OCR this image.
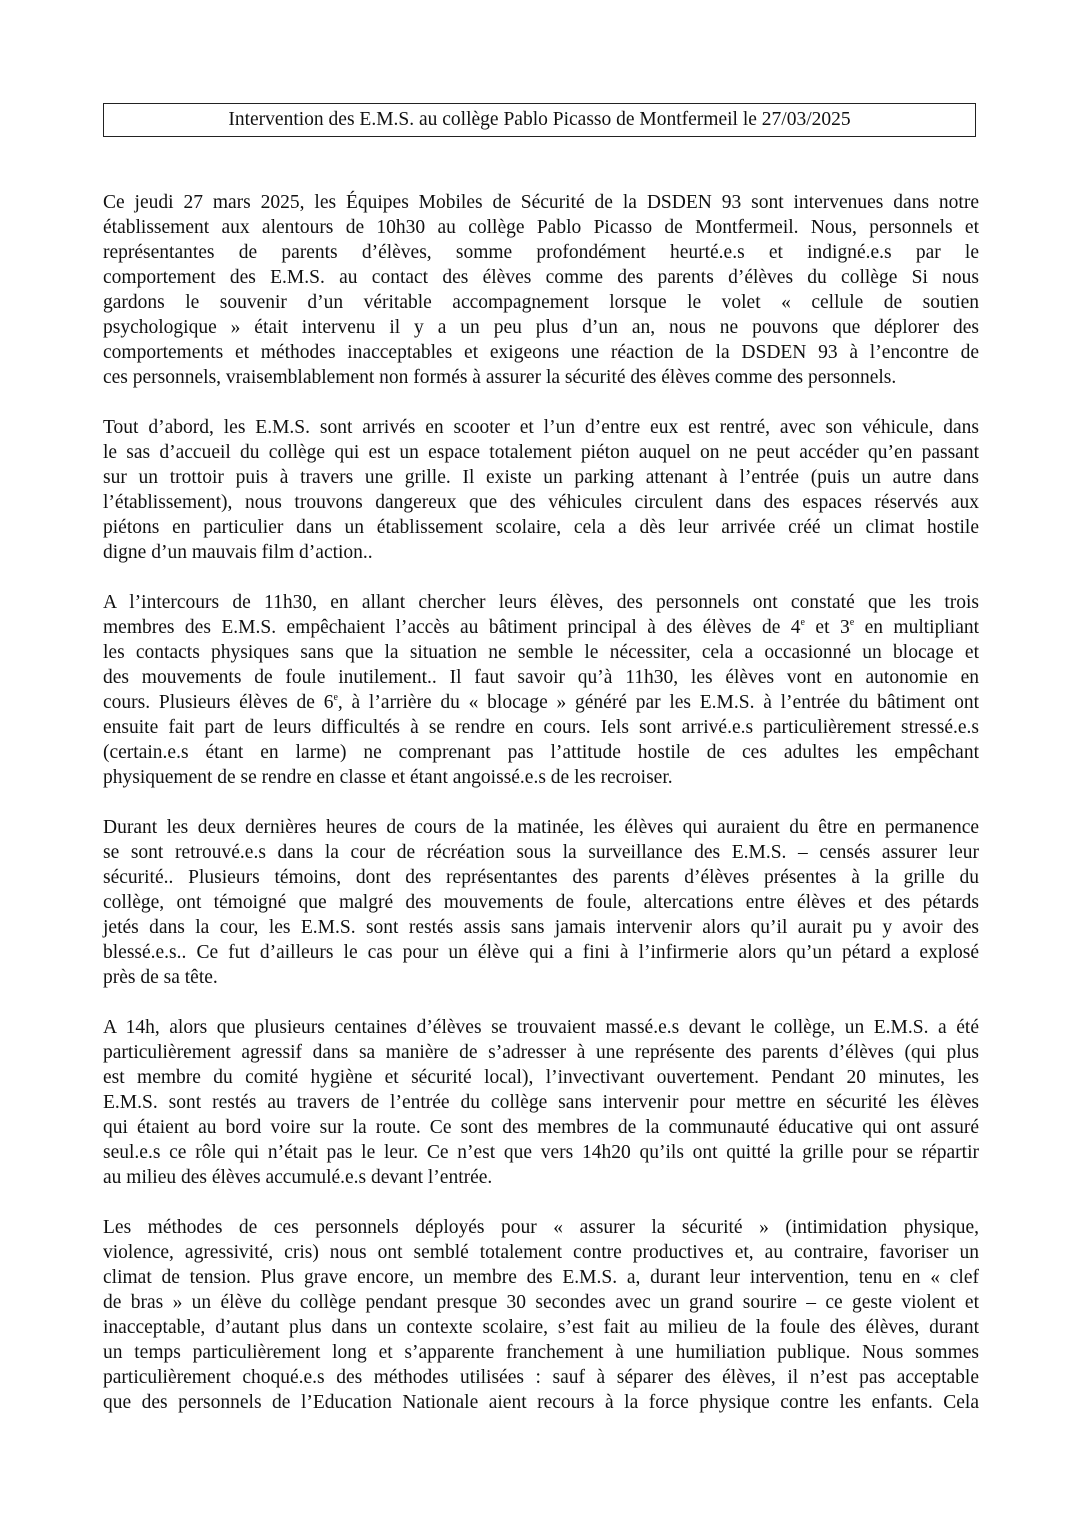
Intervention des E.M.S. au collège Pablo Picasso de Montfermeil le 27/03/2025
Ce jeudi 27 mars 2025, les Équipes Mobiles de Sécurité de la DSDEN 93 sont intervenues dans notre
établissement aux alentours de 10h30 au collège Pablo Picasso de Montfermeil. Nous, personnels et
représentantes de parents d’élèves, somme profondément heurté.e.s et indigné.e.s par le
comportement des E.M.S. au contact des élèves comme des parents d’élèves du collège Si nous
gardons le souvenir d’un véritable accompagnement lorsque le volet « cellule de soutien
psychologique » était intervenu il y a un peu plus d’un an, nous ne pouvons que déplorer des
comportements et méthodes inacceptables et exigeons une réaction de la DSDEN 93 à l’encontre de
ces personnels, vraisemblablement non formés à assurer la sécurité des élèves comme des personnels.
Tout d’abord, les E.M.S. sont arrivés en scooter et l’un d’entre eux est rentré, avec son véhicule, dans
le sas d’accueil du collège qui est un espace totalement piéton auquel on ne peut accéder qu’en passant
sur un trottoir puis à travers une grille. Il existe un parking attenant à l’entrée (puis un autre dans
l’établissement), nous trouvons dangereux que des véhicules circulent dans des espaces réservés aux
piétons en particulier dans un établissement scolaire, cela a dès leur arrivée créé un climat hostile
digne d’un mauvais film d’action..
A l’intercours de 11h30, en allant chercher leurs élèves, des personnels ont constaté que les trois
membres des E.M.S. empêchaient l’accès au bâtiment principal à des élèves de 4e et 3e en multipliant
les contacts physiques sans que la situation ne semble le nécessiter, cela a occasionné un blocage et
des mouvements de foule inutilement.. Il faut savoir qu’à 11h30, les élèves vont en autonomie en
cours. Plusieurs élèves de 6e, à l’arrière du « blocage » généré par les E.M.S. à l’entrée du bâtiment ont
ensuite fait part de leurs difficultés à se rendre en cours. Iels sont arrivé.e.s particulièrement stressé.e.s
(certain.e.s étant en larme) ne comprenant pas l’attitude hostile de ces adultes les empêchant
physiquement de se rendre en classe et étant angoissé.e.s de les recroiser.
Durant les deux dernières heures de cours de la matinée, les élèves qui auraient du être en permanence
se sont retrouvé.e.s dans la cour de récréation sous la surveillance des E.M.S. – censés assurer leur
sécurité.. Plusieurs témoins, dont des représentantes des parents d’élèves présentes à la grille du
collège, ont témoigné que malgré des mouvements de foule, altercations entre élèves et des pétards
jetés dans la cour, les E.M.S. sont restés assis sans jamais intervenir alors qu’il aurait pu y avoir des
blessé.e.s.. Ce fut d’ailleurs le cas pour un élève qui a fini à l’infirmerie alors qu’un pétard a explosé
près de sa tête.
A 14h, alors que plusieurs centaines d’élèves se trouvaient massé.e.s devant le collège, un E.M.S. a été
particulièrement agressif dans sa manière de s’adresser à une représente des parents d’élèves (qui plus
est membre du comité hygiène et sécurité local), l’invectivant ouvertement. Pendant 20 minutes, les
E.M.S. sont restés au travers de l’entrée du collège sans intervenir pour mettre en sécurité les élèves
qui étaient au bord voire sur la route. Ce sont des membres de la communauté éducative qui ont assuré
seul.e.s ce rôle qui n’était pas le leur. Ce n’est que vers 14h20 qu’ils ont quitté la grille pour se répartir
au milieu des élèves accumulé.e.s devant l’entrée.
Les méthodes de ces personnels déployés pour « assurer la sécurité » (intimidation physique,
violence, agressivité, cris) nous ont semblé totalement contre productives et, au contraire, favoriser un
climat de tension. Plus grave encore, un membre des E.M.S. a, durant leur intervention, tenu en « clef
de bras » un élève du collège pendant presque 30 secondes avec un grand sourire – ce geste violent et
inacceptable, d’autant plus dans un contexte scolaire, s’est fait au milieu de la foule des élèves, durant
un temps particulièrement long et s’apparente franchement à une humiliation publique. Nous sommes
particulièrement choqué.e.s des méthodes utilisées : sauf à séparer des élèves, il n’est pas acceptable
que des personnels de l’Education Nationale aient recours à la force physique contre les enfants. Cela
